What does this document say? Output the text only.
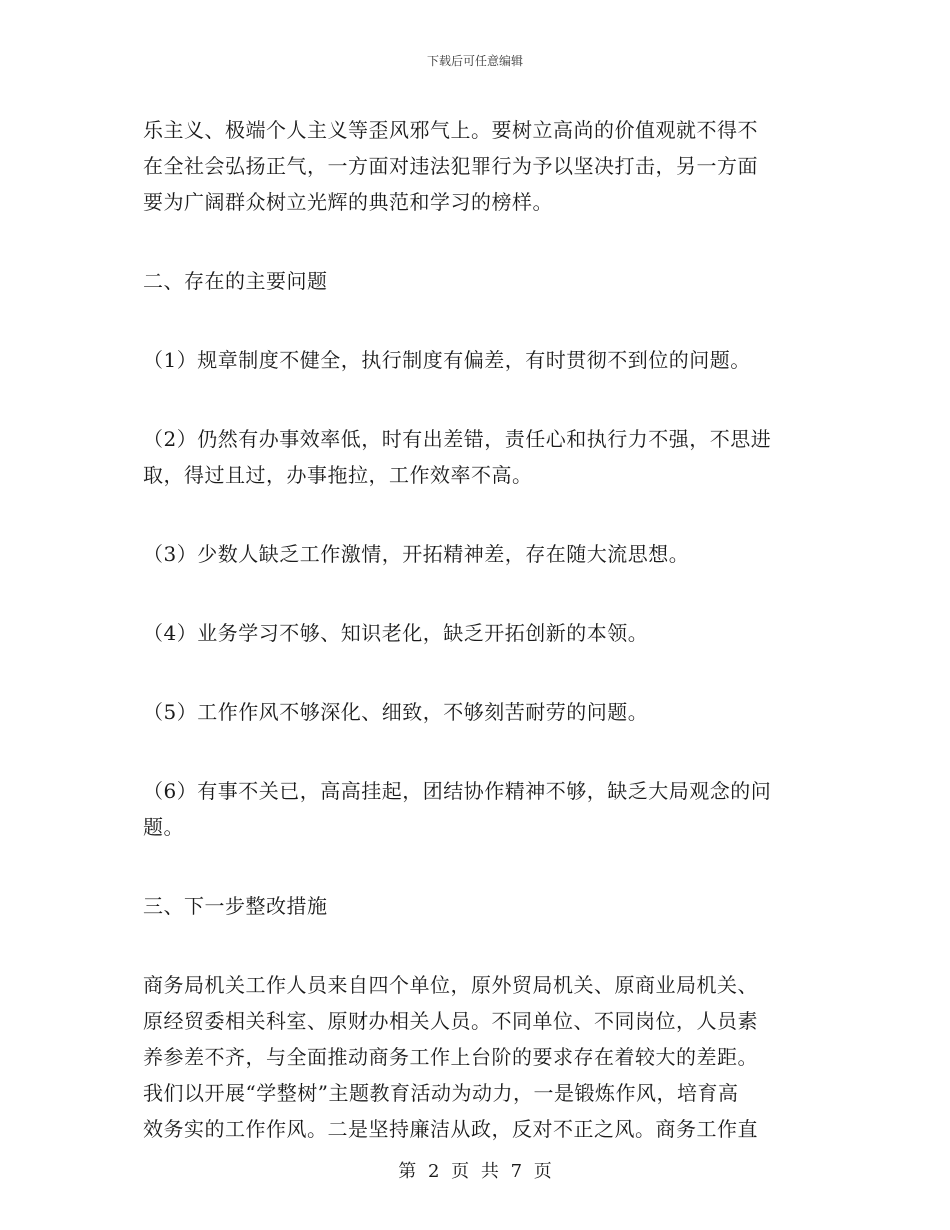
下载后可任意编辑
乐主义、极端个人主义等歪风邪气上。要树立高尚的价值观就不得不
在全社会弘扬正气，一方面对违法犯罪行为予以坚决打击，另一方面
要为广阔群众树立光辉的典范和学习的榜样。
二、存在的主要问题
（1）规章制度不健全，执行制度有偏差，有时贯彻不到位的问题。
（2）仍然有办事效率低，时有出差错，责任心和执行力不强，不思进
取，得过且过，办事拖拉，工作效率不高。
（3）少数人缺乏工作激情，开拓精神差，存在随大流思想。
（4）业务学习不够、知识老化，缺乏开拓创新的本领。
（5）工作作风不够深化、细致，不够刻苦耐劳的问题。
（6）有事不关已，高高挂起，团结协作精神不够，缺乏大局观念的问
题。
三、下一步整改措施
商务局机关工作人员来自四个单位，原外贸局机关、原商业局机关、
原经贸委相关科室、原财办相关人员。不同单位、不同岗位，人员素
养参差不齐，与全面推动商务工作上台阶的要求存在着较大的差距。
我们以开展“学整树”主题教育活动为动力，一是锻炼作风，培育高
效务实的工作作风。二是坚持廉洁从政，反对不正之风。商务工作直
第 2 页 共 7 页
